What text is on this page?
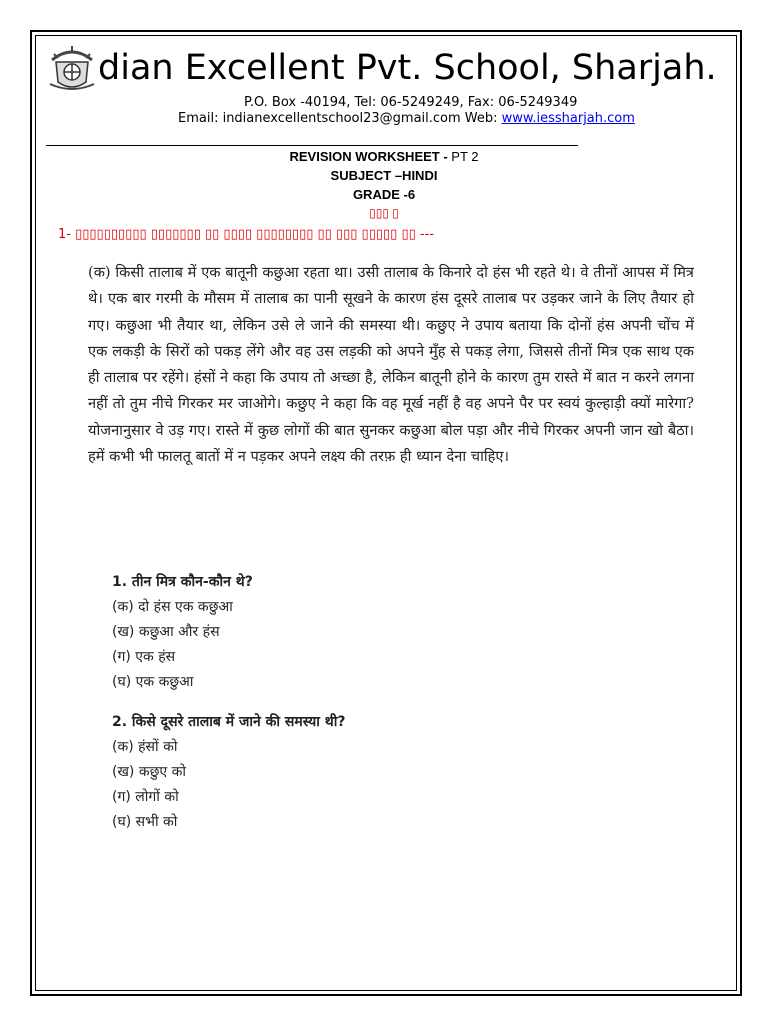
dian Excellent Pvt. School, Sharjah.
P.O. Box -40194, Tel: 06-5249249, Fax: 06-5249349
Email: indianexcellentschool23@gmail.com Web: www.iessharjah.com
REVISION WORKSHEET - PT 2
SUBJECT –HINDI
GRADE -6
▯▯▯ ▯
1- ▯▯▯▯▯▯▯▯▯▯ ▯▯▯▯▯▯▯ ▯▯ ▯▯▯▯ ▯▯▯▯▯▯▯▯ ▯▯ ▯▯▯ ▯▯▯▯▯ ▯▯ ---
(क) किसी तालाब में एक बातूनी कछुआ रहता था। उसी तालाब के किनारे दो हंस भी रहते थे। वे तीनों आपस में मित्र थे। एक बार गरमी के मौसम में तालाब का पानी सूखने के कारण हंस दूसरे तालाब पर उड़कर जाने के लिए तैयार हो गए। कछुआ भी तैयार था, लेकिन उसे ले जाने की समस्या थी। कछुए ने उपाय बताया कि दोनों हंस अपनी चोंच में एक लकड़ी के सिरों को पकड़ लेंगे और वह उस लड़की को अपने मुँह से पकड़ लेगा, जिससे तीनों मित्र एक साथ एक ही तालाब पर रहेंगे। हंसों ने कहा कि उपाय तो अच्छा है, लेकिन बातूनी होने के कारण तुम रास्ते में बात न करने लगना नहीं तो तुम नीचे गिरकर मर जाओगे। कछुए ने कहा कि वह मूर्ख नहीं है वह अपने पैर पर स्वयं कुल्हाड़ी क्यों मारेगा? योजनानुसार वे उड़ गए। रास्ते में कुछ लोगों की बात सुनकर कछुआ बोल पड़ा और नीचे गिरकर अपनी जान खो बैठा। हमें कभी भी फालतू बातों में न पड़कर अपने लक्ष्य की तरफ़ ही ध्यान देना चाहिए।
1. तीन मित्र कौन-कौन थे?
(क) दो हंस एक कछुआ
(ख) कछुआ और हंस
(ग) एक हंस
(घ) एक कछुआ
2. किसे दूसरे तालाब में जाने की समस्या थी?
(क) हंसों को
(ख) कछुए को
(ग) लोगों को
(घ) सभी को
